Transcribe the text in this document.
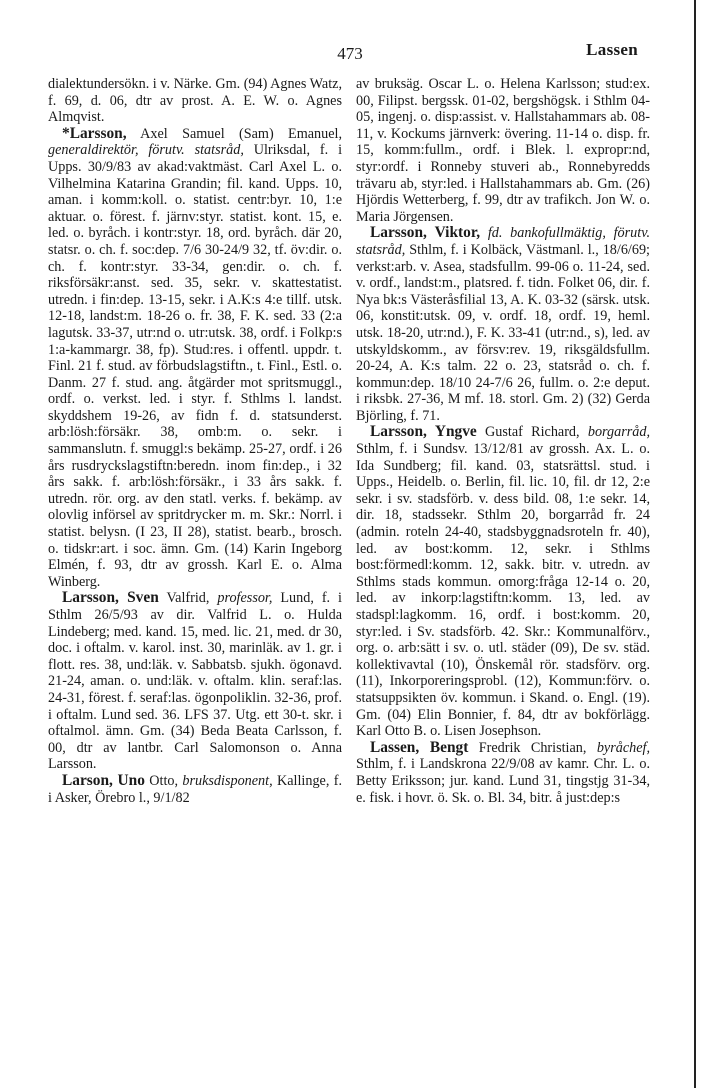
473	Lassen

dialektundersökn. i v. Närke. Gm. (94) Agnes Watz, f. 69, d. 06, dtr av prost. A. E. W. o. Agnes Almqvist.

*Larsson, Axel Samuel (Sam) Emanuel, generaldirektör, förutv. statsråd, Ulriksdal, f. i Upps. 30/9/83 av akad:vaktmäst. Carl Axel L. o. Vilhelmina Katarina Grandin; fil. kand. Upps. 10, aman. i komm:koll. o. statist. centr:byr. 10, 1:e aktuar. o. förest. f. järnv:styr. statist. kont. 15, e. led. o. byråch. i kontr:styr. 18, ord. byråch. där 20, statsr. o. ch. f. soc:dep. 7/6 30-24/9 32, tf. öv:dir. o. ch. f. kontr:styr. 33-34, gen:dir. o. ch. f. riksförsäkr:anst. sed. 35, sekr. v. skattestatist. utredn. i fin:dep. 13-15, sekr. i A.K:s 4:e tillf. utsk. 12-18, landst:m. 18-26 o. fr. 38, F. K. sed. 33 (2:a lagutsk. 33-37, utr:nd o. utr:utsk. 38, ordf. i Folkp:s 1:a-kammargr. 38, fp). Stud:res. i offentl. uppdr. t. Finl. 21 f. stud. av förbudslagstiftn., t. Finl., Estl. o. Danm. 27 f. stud. ang. åtgärder mot spritsmuggl., ordf. o. verkst. led. i styr. f. Sthlms l. landst. skyddshem 19-26, av fidn f. d. statsunderst. arb:lösh:försäkr. 38, omb:m. o. sekr. i sammanslutn. f. smuggl:s bekämp. 25-27, ordf. i 26 års rusdryckslagstiftn:beredn. inom fin:dep., i 32 års sakk. f. arb:lösh:försäkr., i 33 års sakk. f. utredn. rör. org. av den statl. verks. f. bekämp. av olovlig införsel av spritdrycker m. m. Skr.: Norrl. i statist. belysn. (I 23, II 28), statist. bearb., brosch. o. tidskr:art. i soc. ämn. Gm. (14) Karin Ingeborg Elmén, f. 93, dtr av grossh. Karl E. o. Alma Winberg.

Larsson, Sven Valfrid, professor, Lund, f. i Sthlm 26/5/93 av dir. Valfrid L. o. Hulda Lindeberg; med. kand. 15, med. lic. 21, med. dr 30, doc. i oftalm. v. karol. inst. 30, marinläk. av 1. gr. i flott. res. 38, und:läk. v. Sabbatsb. sjukh. ögonavd. 21-24, aman. o. und:läk. v. oftalm. klin. seraf:las. 24-31, förest. f. seraf:las. ögonpoliklin. 32-36, prof. i oftalm. Lund sed. 36. LFS 37. Utg. ett 30-t. skr. i oftalmol. ämn. Gm. (34) Beda Beata Carlsson, f. 00, dtr av lantbr. Carl Salomonson o. Anna Larsson.

Larson, Uno Otto, bruksdisponent, Kallinge, f. i Asker, Örebro l., 9/1/82

av bruksäg. Oscar L. o. Helena Karlsson; stud:ex. 00, Filipst. bergssk. 01-02, bergshögsk. i Sthlm 04-05, ingenj. o. disp:assist. v. Hallstahammars ab. 08-11, v. Kockums järnverk: övering. 11-14 o. disp. fr. 15, komm:fullm., ordf. i Blek. l. expropr:nd, styr:ordf. i Ronneby stuveri ab., Ronnebyredds trävaru ab, styr:led. i Hallstahammars ab. Gm. (26) Hjördis Wetterberg, f. 99, dtr av trafikch. Jon W. o. Maria Jörgensen.

Larsson, Viktor, fd. bankofullmäktig, förutv. statsråd, Sthlm, f. i Kolbäck, Västmanl. l., 18/6/69; verkst:arb. v. Asea, stadsfullm. 99-06 o. 11-24, sed. v. ordf., landst:m., platsred. f. tidn. Folket 06, dir. f. Nya bk:s Västeråsfilial 13, A. K. 03-32 (särsk. utsk. 06, konstit:utsk. 09, v. ordf. 18, ordf. 19, heml. utsk. 18-20, utr:nd.), F. K. 33-41 (utr:nd., s), led. av utskyldskomm., av försv:rev. 19, riksgäldsfullm. 20-24, A. K:s talm. 22 o. 23, statsråd o. ch. f. kommun:dep. 18/10 24-7/6 26, fullm. o. 2:e deput. i riksbk. 27-36, M mf. 18. storl. Gm. 2) (32) Gerda Björling, f. 71.

Larsson, Yngve Gustaf Richard, borgarråd, Sthlm, f. i Sundsv. 13/12/81 av grossh. Ax. L. o. Ida Sundberg; fil. kand. 03, statsrättsl. stud. i Upps., Heidelb. o. Berlin, fil. lic. 10, fil. dr 12, 2:e sekr. i sv. stadsförb. v. dess bild. 08, 1:e sekr. 14, dir. 18, stadssekr. Sthlm 20, borgarråd fr. 24 (admin. roteln 24-40, stadsbyggnadsroteln fr. 40), led. av bost:komm. 12, sekr. i Sthlms bost:förmedl:komm. 12, sakk. bitr. v. utredn. av Sthlms stads kommun. omorg:fråga 12-14 o. 20, led. av inkorp:lagstiftn:komm. 13, led. av stadspl:lagkomm. 16, ordf. i bost:komm. 20, styr:led. i Sv. stadsförb. 42. Skr.: Kommunalförv., org. o. arb:sätt i sv. o. utl. städer (09), De sv. städ. kollektivavtal (10), Önskemål rör. stadsförv. org. (11), Inkorporeringsprobl. (12), Kommun:förv. o. statsuppsikten öv. kommun. i Skand. o. Engl. (19). Gm. (04) Elin Bonnier, f. 84, dtr av bokförlägg. Karl Otto B. o. Lisen Josephson.

Lassen, Bengt Fredrik Christian, byråchef, Sthlm, f. i Landskrona 22/9/08 av kamr. Chr. L. o. Betty Eriksson; jur. kand. Lund 31, tingstjg 31-34, e. fisk. i hovr. ö. Sk. o. Bl. 34, bitr. å just:dep:s
